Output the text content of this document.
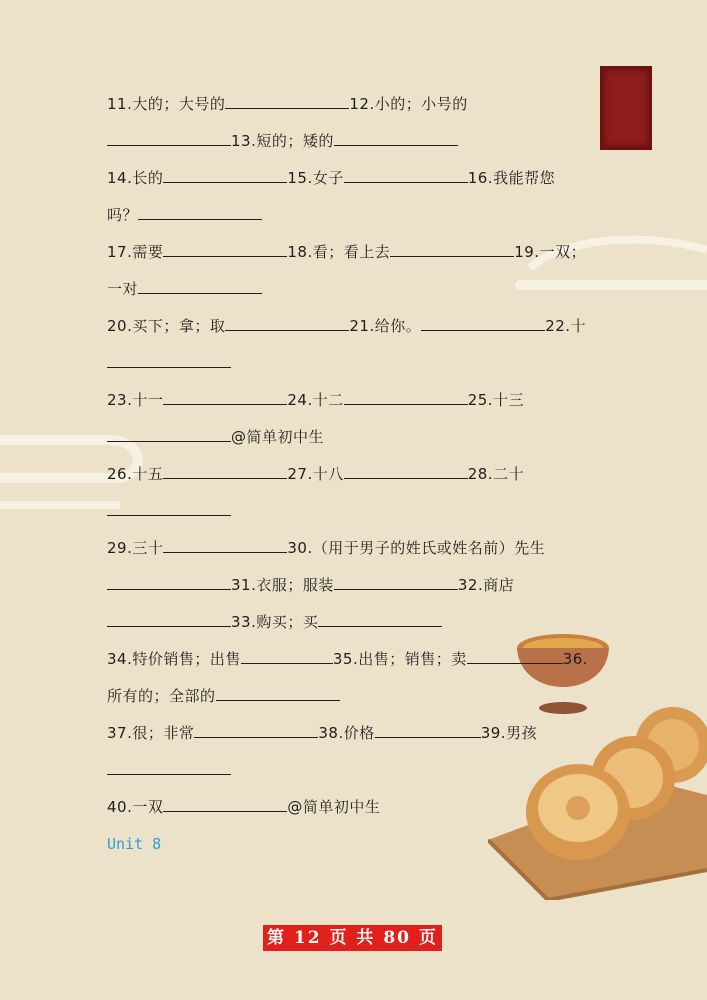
11.大的；大号的	12.小的；小号的
13.短的；矮的
14.长的	15.女子	16.我能帮您
吗？
17.需要	18.看；看上去	19.一双；
一对
20.买下；拿；取	21.给你。	22.十
23.十一	24.十二	25.十三
@简单初中生
26.十五	27.十八	28.二十
29.三十	30.（用于男子的姓氏或姓名前）先生
31.衣服；服装	32.商店
33.购买；买
34.特价销售；出售	35.出售；销售；卖	36.
所有的；全部的
37.很；非常	38.价格	39.男孩
40.一双	@简单初中生
Unit 8
第 12 页 共 80 页
